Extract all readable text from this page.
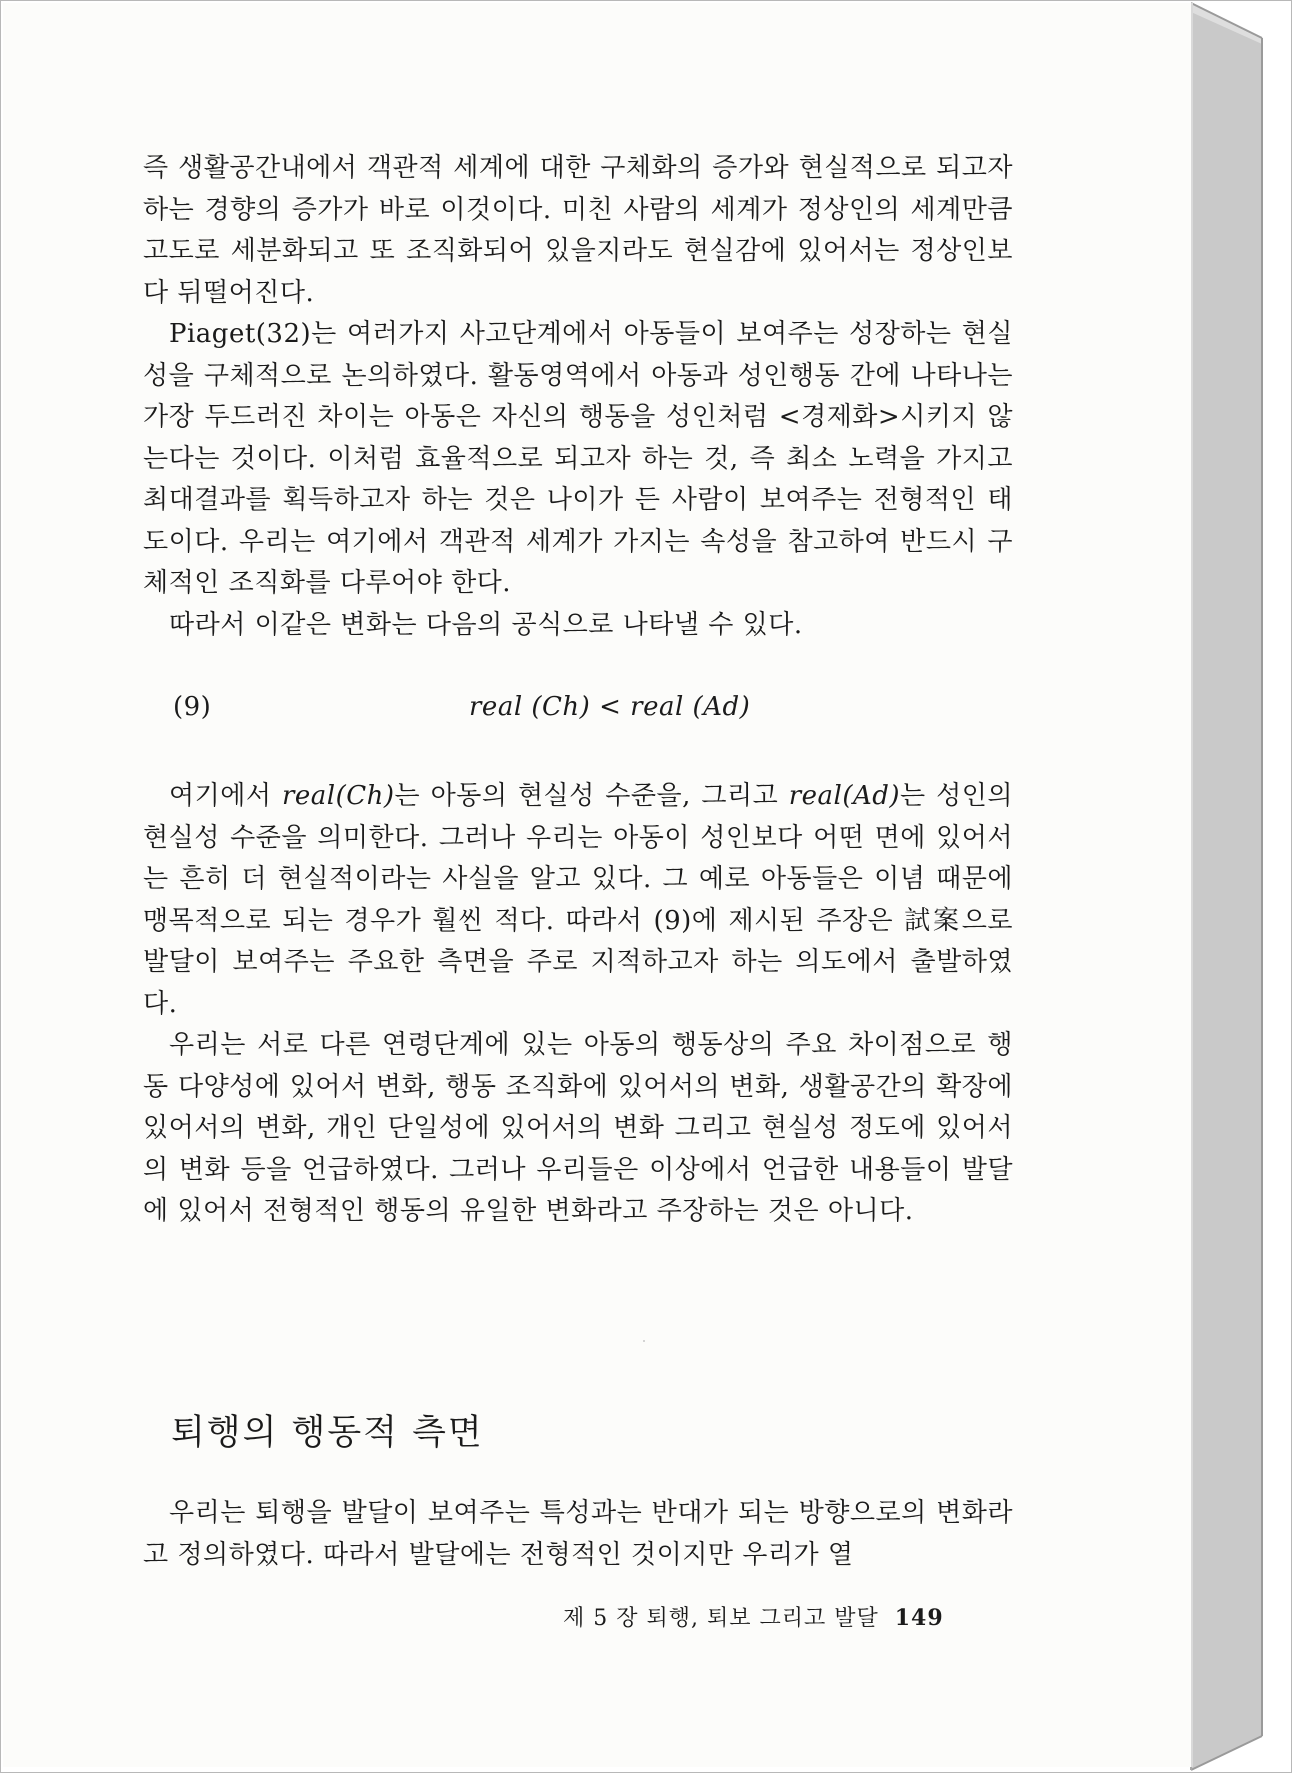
즉 생활공간내에서 객관적 세계에 대한 구체화의 증가와 현실적으로 되고자 하는 경향의 증가가 바로 이것이다. 미친 사람의 세계가 정상인의 세계만큼 고도로 세분화되고 또 조직화되어 있을지라도 현실감에 있어서는 정상인보다 뒤떨어진다.

Piaget(32)는 여러가지 사고단계에서 아동들이 보여주는 성장하는 현실성을 구체적으로 논의하였다. 활동영역에서 아동과 성인행동 간에 나타나는 가장 두드러진 차이는 아동은 자신의 행동을 성인처럼 <경제화>시키지 않는다는 것이다. 이처럼 효율적으로 되고자 하는 것, 즉 최소 노력을 가지고 최대결과를 획득하고자 하는 것은 나이가 든 사람이 보여주는 전형적인 태도이다. 우리는 여기에서 객관적 세계가 가지는 속성을 참고하여 반드시 구체적인 조직화를 다루어야 한다.

따라서 이같은 변화는 다음의 공식으로 나타낼 수 있다.

(9)	real (Ch) < real (Ad)

여기에서 real(Ch)는 아동의 현실성 수준을, 그리고 real(Ad)는 성인의 현실성 수준을 의미한다. 그러나 우리는 아동이 성인보다 어떤 면에 있어서는 흔히 더 현실적이라는 사실을 알고 있다. 그 예로 아동들은 이념 때문에 맹목적으로 되는 경우가 훨씬 적다. 따라서 (9)에 제시된 주장은 試案으로 발달이 보여주는 주요한 측면을 주로 지적하고자 하는 의도에서 출발하였다.

우리는 서로 다른 연령단계에 있는 아동의 행동상의 주요 차이점으로 행동 다양성에 있어서 변화, 행동 조직화에 있어서의 변화, 생활공간의 확장에 있어서의 변화, 개인 단일성에 있어서의 변화 그리고 현실성 정도에 있어서의 변화 등을 언급하였다. 그러나 우리들은 이상에서 언급한 내용들이 발달에 있어서 전형적인 행동의 유일한 변화라고 주장하는 것은 아니다.

퇴행의 행동적 측면

우리는 퇴행을 발달이 보여주는 특성과는 반대가 되는 방향으로의 변화라고 정의하였다. 따라서 발달에는 전형적인 것이지만 우리가 열

제 5 장 퇴행, 퇴보 그리고 발달 149
